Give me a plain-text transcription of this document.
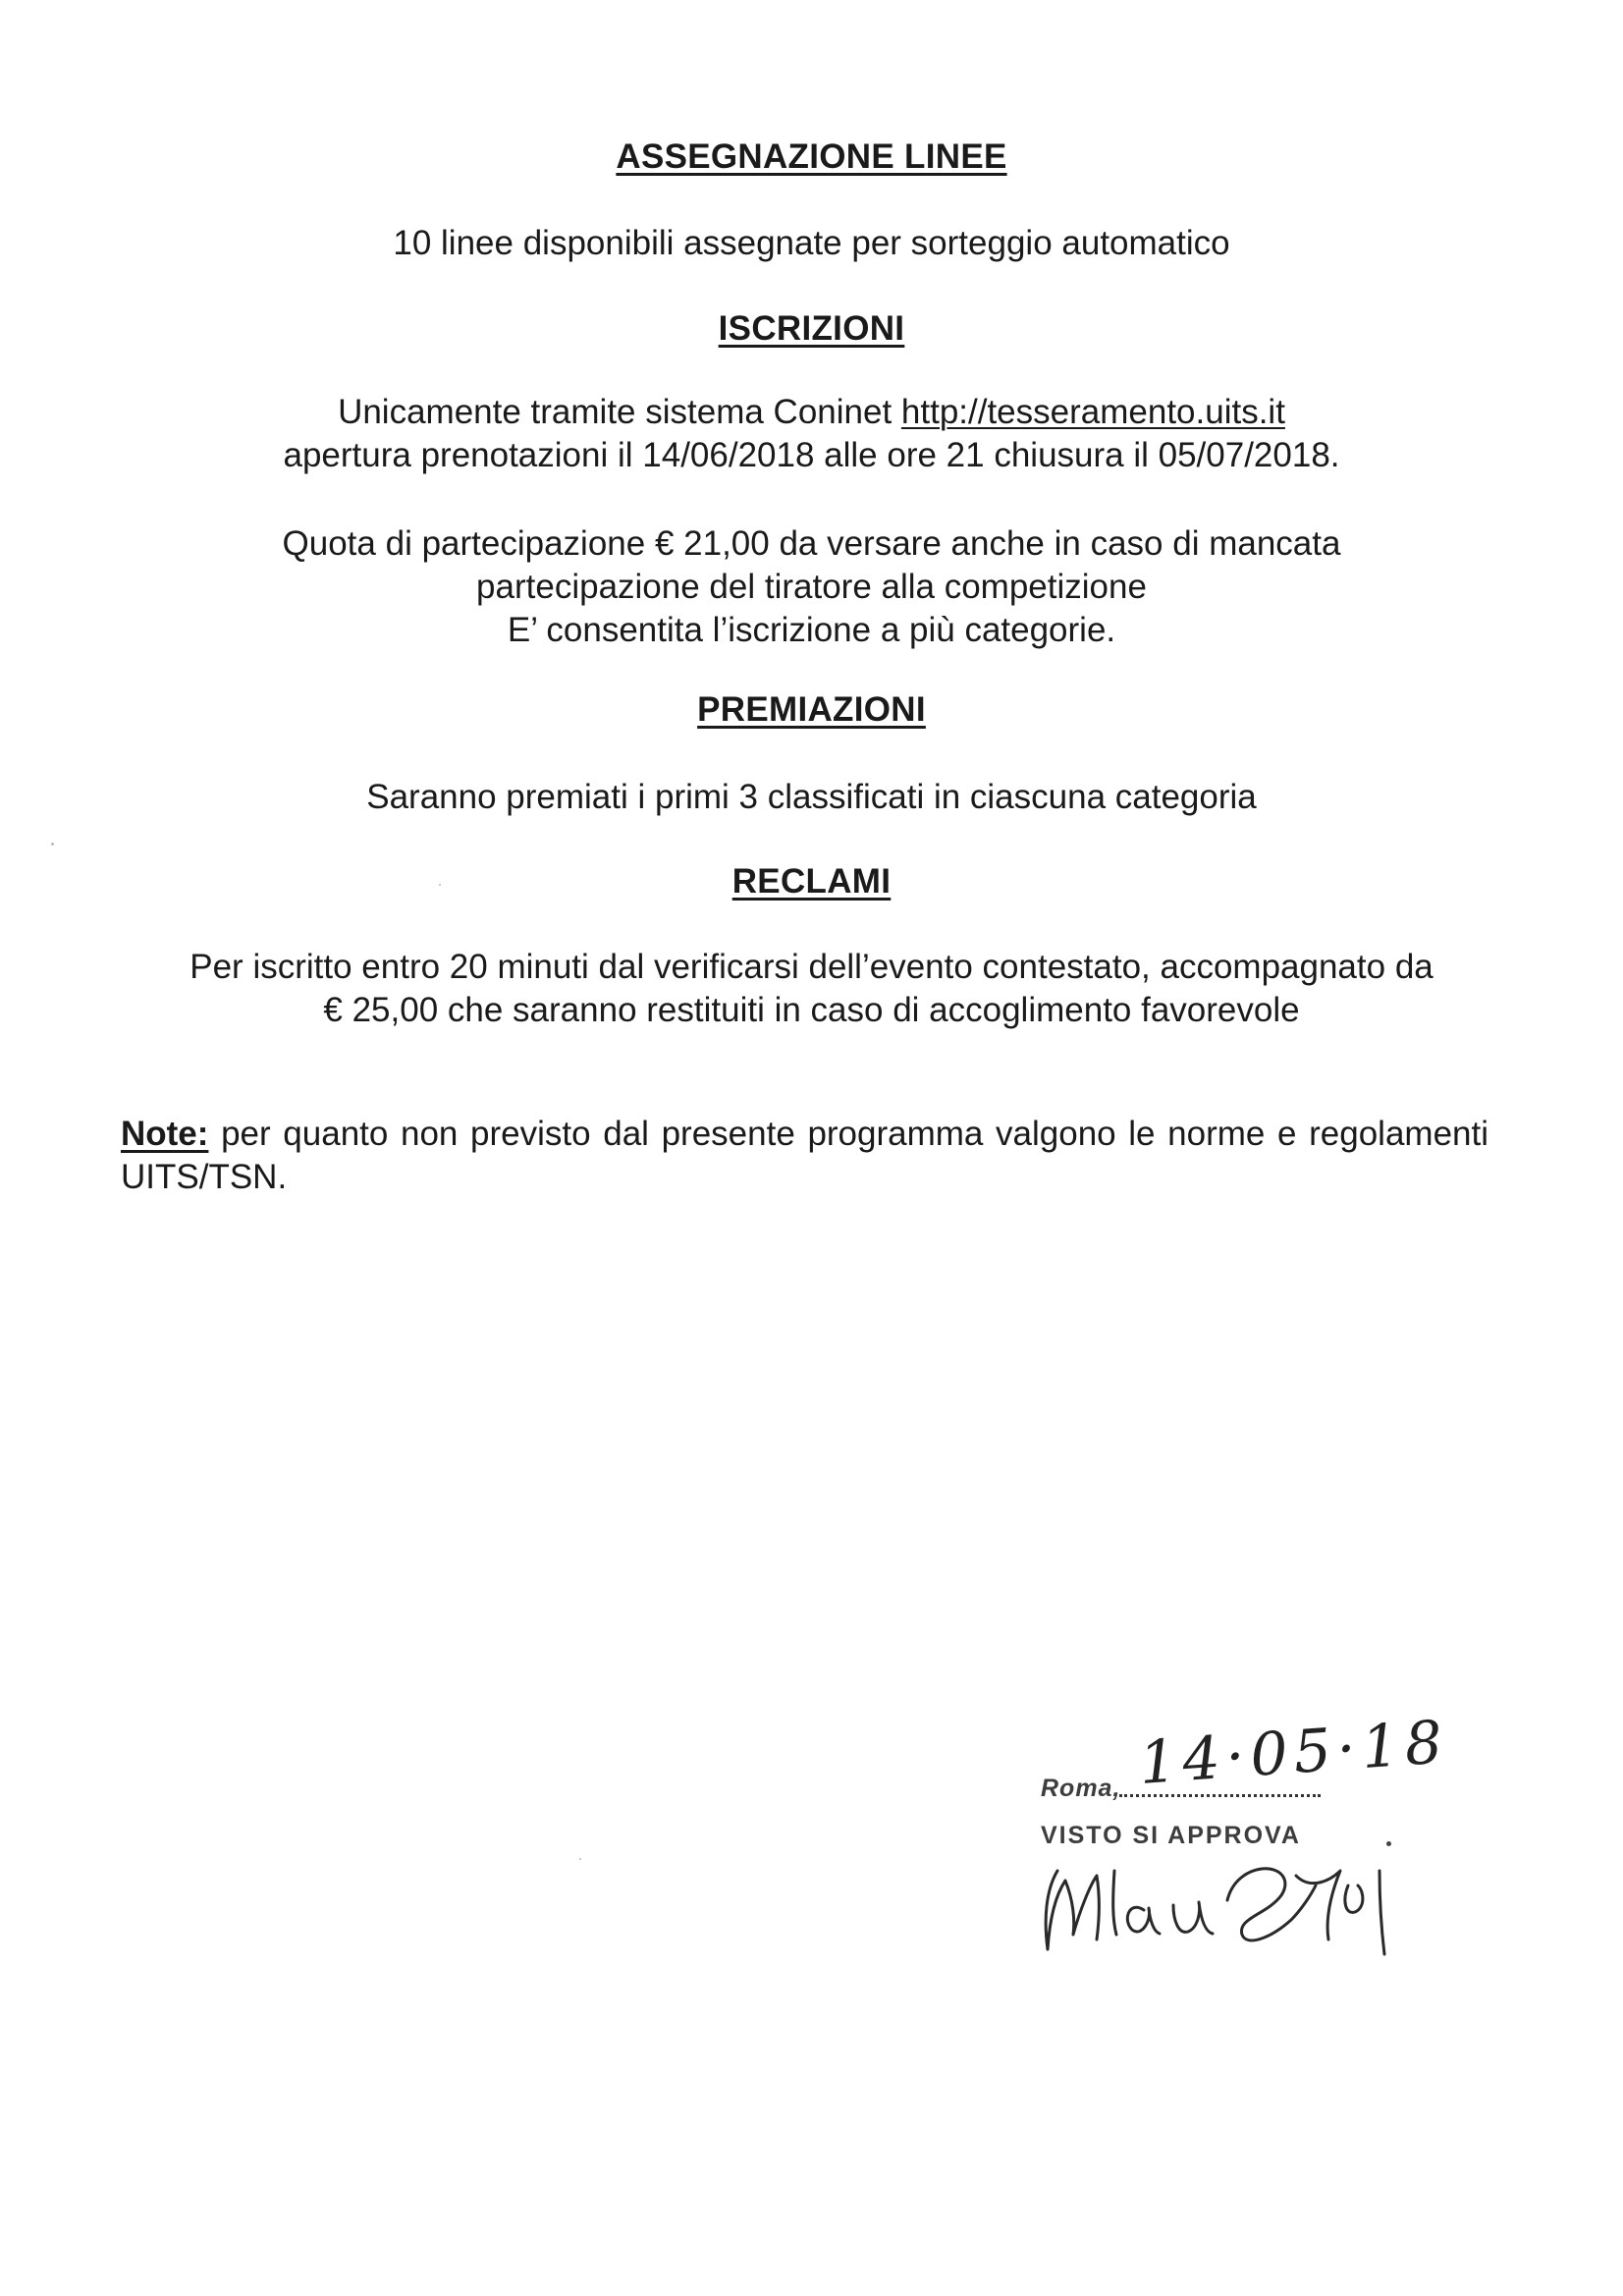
ASSEGNAZIONE LINEE
10 linee disponibili assegnate per sorteggio automatico
ISCRIZIONI
Unicamente tramite sistema Coninet http://tesseramento.uits.it
apertura prenotazioni il 14/06/2018 alle ore 21 chiusura il 05/07/2018.
Quota di partecipazione € 21,00 da versare anche in caso di mancata
partecipazione del tiratore alla competizione
E’ consentita l’iscrizione a più categorie.
PREMIAZIONI
Saranno premiati i primi 3 classificati in ciascuna categoria
RECLAMI
Per iscritto entro 20 minuti dal verificarsi dell’evento contestato, accompagnato da
€ 25,00 che saranno restituiti in caso di accoglimento favorevole
Note: per quanto non previsto dal presente programma valgono le norme e regolamenti UITS/TSN.
Roma, 14·05·18
VISTO SI APPROVA
